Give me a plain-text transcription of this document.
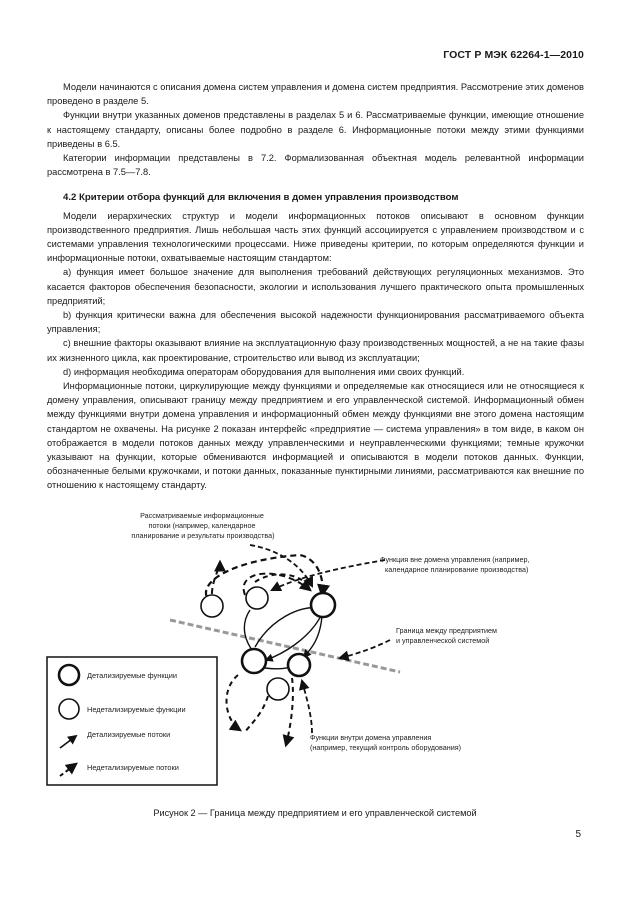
ГОСТ Р МЭК 62264-1—2010

Модели начинаются с описания домена систем управления и домена систем предприятия. Рассмотрение этих доменов проведено в разделе 5.

Функции внутри указанных доменов представлены в разделах 5 и 6. Рассматриваемые функции, имеющие отношение к настоящему стандарту, описаны более подробно в разделе 6. Информационные потоки между этими функциями приведены в 6.5.

Категории информации представлены в 7.2. Формализованная объектная модель релевантной информации рассмотрена в 7.5—7.8.

4.2 Критерии отбора функций для включения в домен управления производством

Модели иерархических структур и модели информационных потоков описывают в основном функции производственного предприятия. Лишь небольшая часть этих функций ассоциируется с управлением производством и с системами управления технологическими процессами. Ниже приведены критерии, по которым определяются функции и информационные потоки, охватываемые настоящим стандартом:

a) функция имеет большое значение для выполнения требований действующих регуляционных механизмов. Это касается факторов обеспечения безопасности, экологии и использования лучшего практического опыта промышленных предприятий;

b) функция критически важна для обеспечения высокой надежности функционирования рассматриваемого объекта управления;

c) внешние факторы оказывают влияние на эксплуатационную фазу производственных мощностей, а не на такие фазы их жизненного цикла, как проектирование, строительство или вывод из эксплуатации;

d) информация необходима операторам оборудования для выполнения ими своих функций.

Информационные потоки, циркулирующие между функциями и определяемые как относящиеся или не относящиеся к домену управления, описывают границу между предприятием и его управленческой системой. Информационный обмен между функциями внутри домена управления и информационный обмен между функциями вне этого домена настоящим стандартом не охвачены. На рисунке 2 показан интерфейс «предприятие — система управления» в том виде, в каком он отображается в модели потоков данных между управленческими и неуправленческими функциями; темные кружочки указывают на функции, которые обмениваются информацией и описываются в модели потоков данных. Функции, обозначенные белыми кружочками, и потоки данных, показанные пунктирными линиями, рассматриваются как внешние по отношению к настоящему стандарту.

Рассматриваемые информационные потоки (например, календарное планирование и результаты производства)
Функция вне домена управления (например, календарное планирование производства)
Граница между предприятием и управленческой системой
Функции внутри домена управления (например, текущий контроль оборудования)
Детализируемые функции
Недетализируемые функции
Детализируемые потоки
Недетализируемые потоки
Рисунок 2 — Граница между предприятием и его управленческой системой
5
